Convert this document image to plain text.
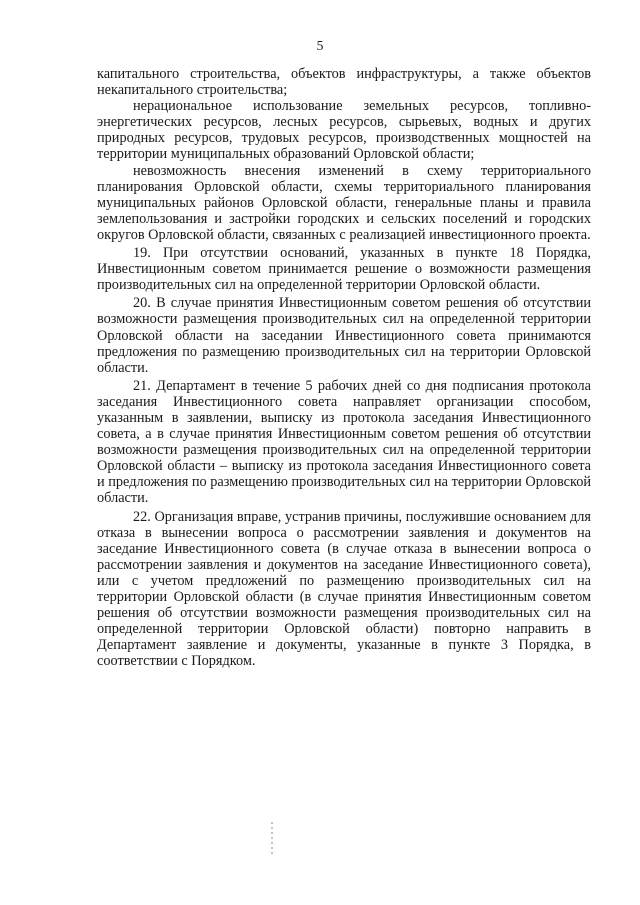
5

капитального строительства, объектов инфраструктуры, а также объектов некапитального строительства;

нерациональное использование земельных ресурсов, топливно-энергетических ресурсов, лесных ресурсов, сырьевых, водных и других природных ресурсов, трудовых ресурсов, производственных мощностей на территории муниципальных образований Орловской области;

невозможность внесения изменений в схему территориального планирования Орловской области, схемы территориального планирования муниципальных районов Орловской области, генеральные планы и правила землепользования и застройки городских и сельских поселений и городских округов Орловской области, связанных с реализацией инвестиционного проекта.

19. При отсутствии оснований, указанных в пункте 18 Порядка, Инвестиционным советом принимается решение о возможности размещения производительных сил на определенной территории Орловской области.

20. В случае принятия Инвестиционным советом решения об отсутствии возможности размещения производительных сил на определенной территории Орловской области на заседании Инвестиционного совета принимаются предложения по размещению производительных сил на территории Орловской области.

21. Департамент в течение 5 рабочих дней со дня подписания протокола заседания Инвестиционного совета направляет организации способом, указанным в заявлении, выписку из протокола заседания Инвестиционного совета, а в случае принятия Инвестиционным советом решения об отсутствии возможности размещения производительных сил на определенной территории Орловской области – выписку из протокола заседания Инвестиционного совета и предложения по размещению производительных сил на территории Орловской области.

22. Организация вправе, устранив причины, послужившие основанием для отказа в вынесении вопроса о рассмотрении заявления и документов на заседание Инвестиционного совета (в случае отказа в вынесении вопроса о рассмотрении заявления и документов на заседание Инвестиционного совета), или с учетом предложений по размещению производительных сил на территории Орловской области (в случае принятия Инвестиционным советом решения об отсутствии возможности размещения производительных сил на определенной территории Орловской области) повторно направить в Департамент заявление и документы, указанные в пункте 3 Порядка, в соответствии с Порядком.
